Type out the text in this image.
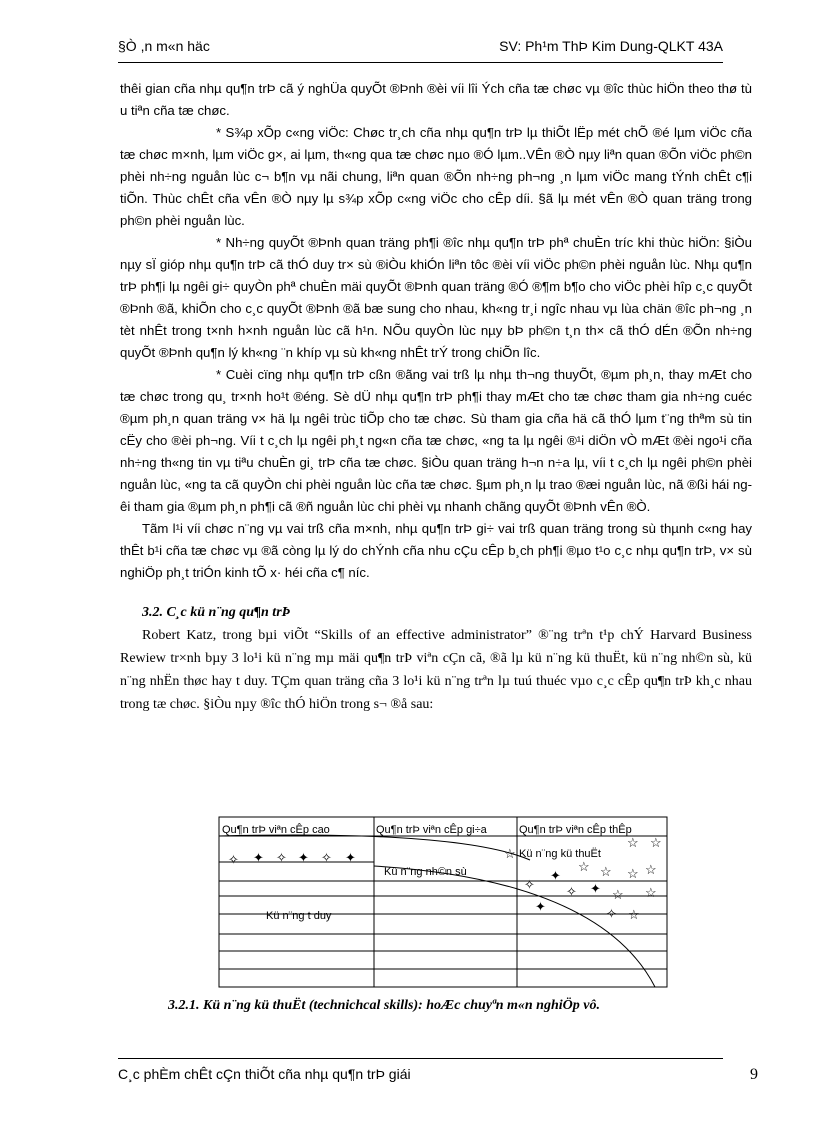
§Ò ,n m«n häc	SV: Ph¹m ThÞ Kim Dung-QLKT 43A

thêi gian cña nhµ qu¶n trÞ cã ý nghÜa quyÕt ®Þnh ®èi víi lîi Ých cña tæ chøc vµ ®îc thùc hiÖn theo thø tù u tiªn cña tæ chøc.

* S¾p xÕp c«ng viÖc: Chøc tr¸ch cña nhµ qu¶n trÞ lµ thiÕt lËp mét chÕ ®é lµm viÖc cña tæ chøc m×nh, lµm viÖc g×, ai lµm, th«ng qua tæ chøc nµo ®Ó lµm..VÊn ®Ò nµy liªn quan ®Õn viÖc ph©n phèi nh÷ng nguån lùc c¬ b¶n vµ nãi chung, liªn quan ®Õn nh÷ng ph¬ng ¸n lµm viÖc mang tÝnh chÊt c¶i tiÕn. Thùc chÊt cña vÊn ®Ò nµy lµ s¾p xÕp c«ng viÖc cho cÊp díi. §ã lµ mét vÊn ®Ò quan träng trong ph©n phèi nguån lùc.

* Nh÷ng quyÕt ®Þnh quan träng ph¶i ®îc nhµ qu¶n trÞ phª chuÈn tríc khi thùc hiÖn: §iÒu nµy sÏ gióp nhµ qu¶n trÞ cã thÓ duy tr× sù ®iÒu khiÓn liªn tôc ®èi víi viÖc ph©n phèi nguån lùc. Nhµ qu¶n trÞ ph¶i lµ ngêi gi÷ quyÒn phª chuÈn mäi quyÕt ®Þnh quan träng ®Ó ®¶m b¶o cho viÖc phèi hîp c¸c quyÕt ®Þnh ®ã, khiÕn cho c¸c quyÕt ®Þnh ®ã bæ sung cho nhau, kh«ng tr¸i ngîc nhau vµ lùa chän ®îc ph¬ng ¸n tèt nhÊt trong t×nh h×nh nguån lùc cã h¹n. NÕu quyÒn lùc nµy bÞ ph©n t¸n th× cã thÓ dÉn ®Õn nh÷ng quyÕt ®Þnh qu¶n lý kh«ng ¨n khíp vµ sù kh«ng nhÊt trÝ trong chiÕn lîc.

* Cuèi cïng nhµ qu¶n trÞ cßn ®ãng vai trß lµ nhµ th¬ng thuyÕt, ®µm ph¸n, thay mÆt cho tæ chøc trong qu¸ tr×nh ho¹t ®éng. Sè dÜ nhµ qu¶n trÞ ph¶i thay mÆt cho tæ chøc tham gia nh÷ng cuéc ®µm ph¸n quan träng v× hä lµ ngêi trùc tiÕp cho tæ chøc. Sù tham gia cña hä cã thÓ lµm t¨ng thªm sù tin cËy cho ®èi ph¬ng. Víi t c¸ch lµ ngêi ph¸t ng«n cña tæ chøc, «ng ta lµ ngêi ®¹i diÖn vÒ mÆt ®èi ngo¹i cña nh÷ng th«ng tin vµ tiªu chuÈn gi¸ trÞ cña tæ chøc. §iÒu quan träng h¬n n÷a lµ, víi t c¸ch lµ ngêi ph©n phèi nguån lùc, «ng ta cã quyÒn chi phèi nguån lùc cña tæ chøc. §µm ph¸n lµ trao ®æi nguån lùc, nã ®ßi hái ngêi tham gia ®µm ph¸n ph¶i cã ®ñ nguån lùc chi phèi vµ nhanh chãng quyÕt ®Þnh vÊn ®Ò.

Tãm l¹i víi chøc n¨ng vµ vai trß cña m×nh, nhµ qu¶n trÞ gi÷ vai trß quan träng trong sù thµnh c«ng hay thÊt b¹i cña tæ chøc vµ ®ã còng lµ lý do chÝnh cña nhu cÇu cÊp b¸ch ph¶i ®µo t¹o c¸c nhµ qu¶n trÞ, v× sù nghiÖp ph¸t triÓn kinh tÕ x· héi cña c¶ níc.

3.2. C¸c kü n¨ng qu¶n trÞ

Robert Katz, trong bµi viÕt “Skills of an effective administrator” ®¨ng trªn t¹p chÝ Harvard Business Rewiew tr×nh bµy 3 lo¹i kü n¨ng mµ mäi qu¶n trÞ viªn cÇn cã, ®ã lµ kü n¨ng kü thuËt, kü n¨ng nh©n sù, kü n¨ng nhËn thøc hay t duy. TÇm quan träng cña 3 lo¹i kü n¨ng trªn lµ tuú thuéc vµo c¸c cÊp qu¶n trÞ kh¸c nhau trong tæ chøc. §iÒu nµy ®îc thÓ hiÖn trong s¬ ®å sau:

✧ ✦ ✧ ✦ ✧ ✦	☆
☆ ☆
☆ ☆ ☆ ☆
✧
✦
✧ ✦ ☆
✦	✧ ☆
☆
Qu¶n trÞ viªn cÊp cao	Qu¶n trÞ viªn cÊp gi÷a	Qu¶n trÞ viªn cÊp thÊp
Kü n¨ng kü thuËt
Kü n¨ng nh©n sù
Kü n¨ng t duy
3.2.1. Kü n¨ng kü thuËt (technichcal skills): hoÆc chuyªn m«n nghiÖp vô.
C¸c phÈm chÊt cÇn thiÕt cña nhµ qu¶n trÞ giái	9
